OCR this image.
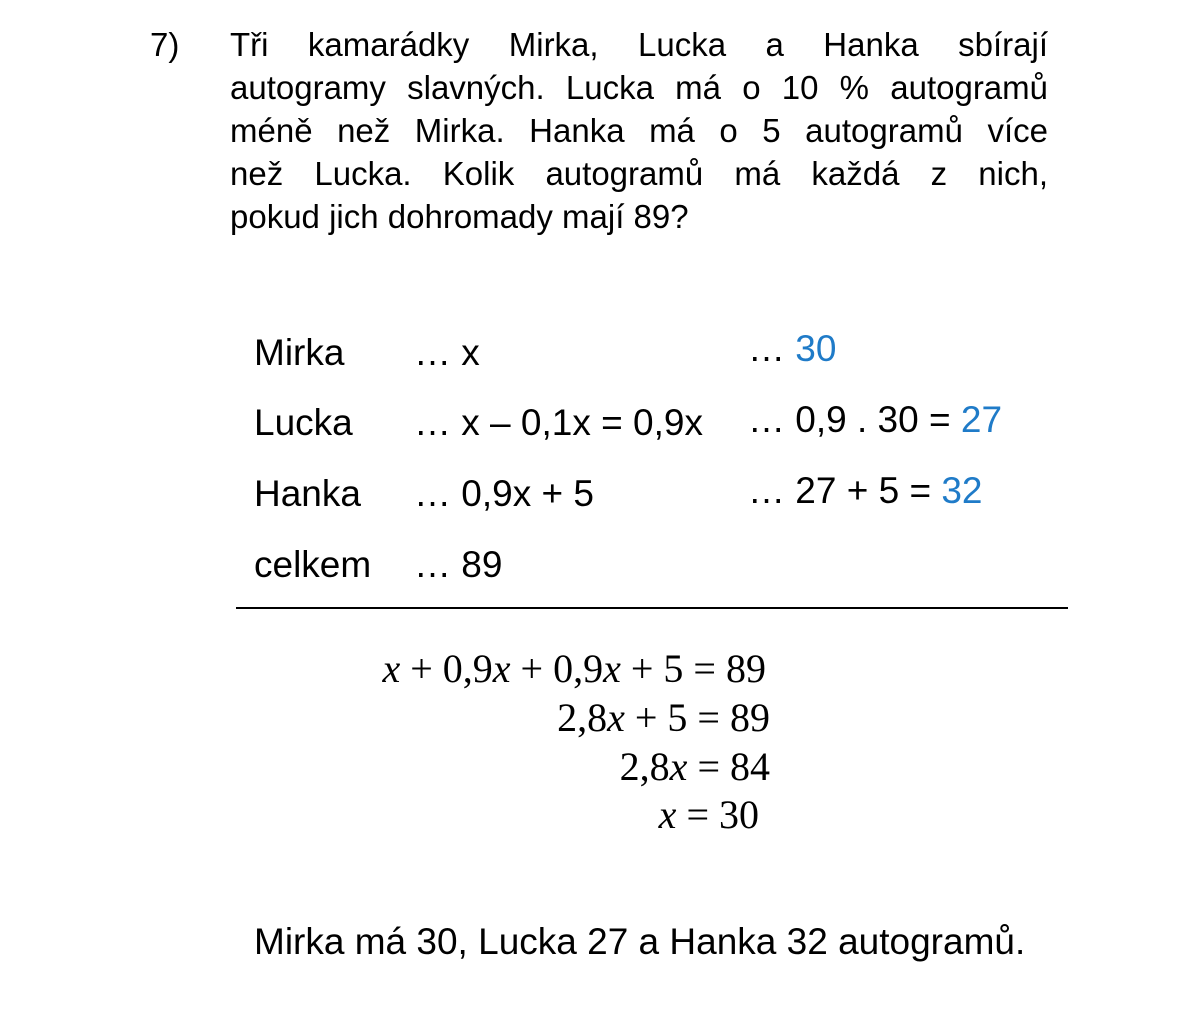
7) Tři kamarádky Mirka, Lucka a Hanka sbírají
autogramy slavných. Lucka má o 10 % autogramů
méně než Mirka. Hanka má o 5 autogramů více
než Lucka. Kolik autogramů má každá z nich,
pokud jich dohromady mají 89?
Mirka … x	… 30
Lucka … x – 0,1x = 0,9x … 0,9 . 30 = 27
Hanka … 0,9x + 5	… 27 + 5 = 32
celkem … 89
x + 0,9x + 0,9x + 5 = 89
2,8x + 5 = 89
2,8x = 84
x = 30
Mirka má 30, Lucka 27 a Hanka 32 autogramů.
